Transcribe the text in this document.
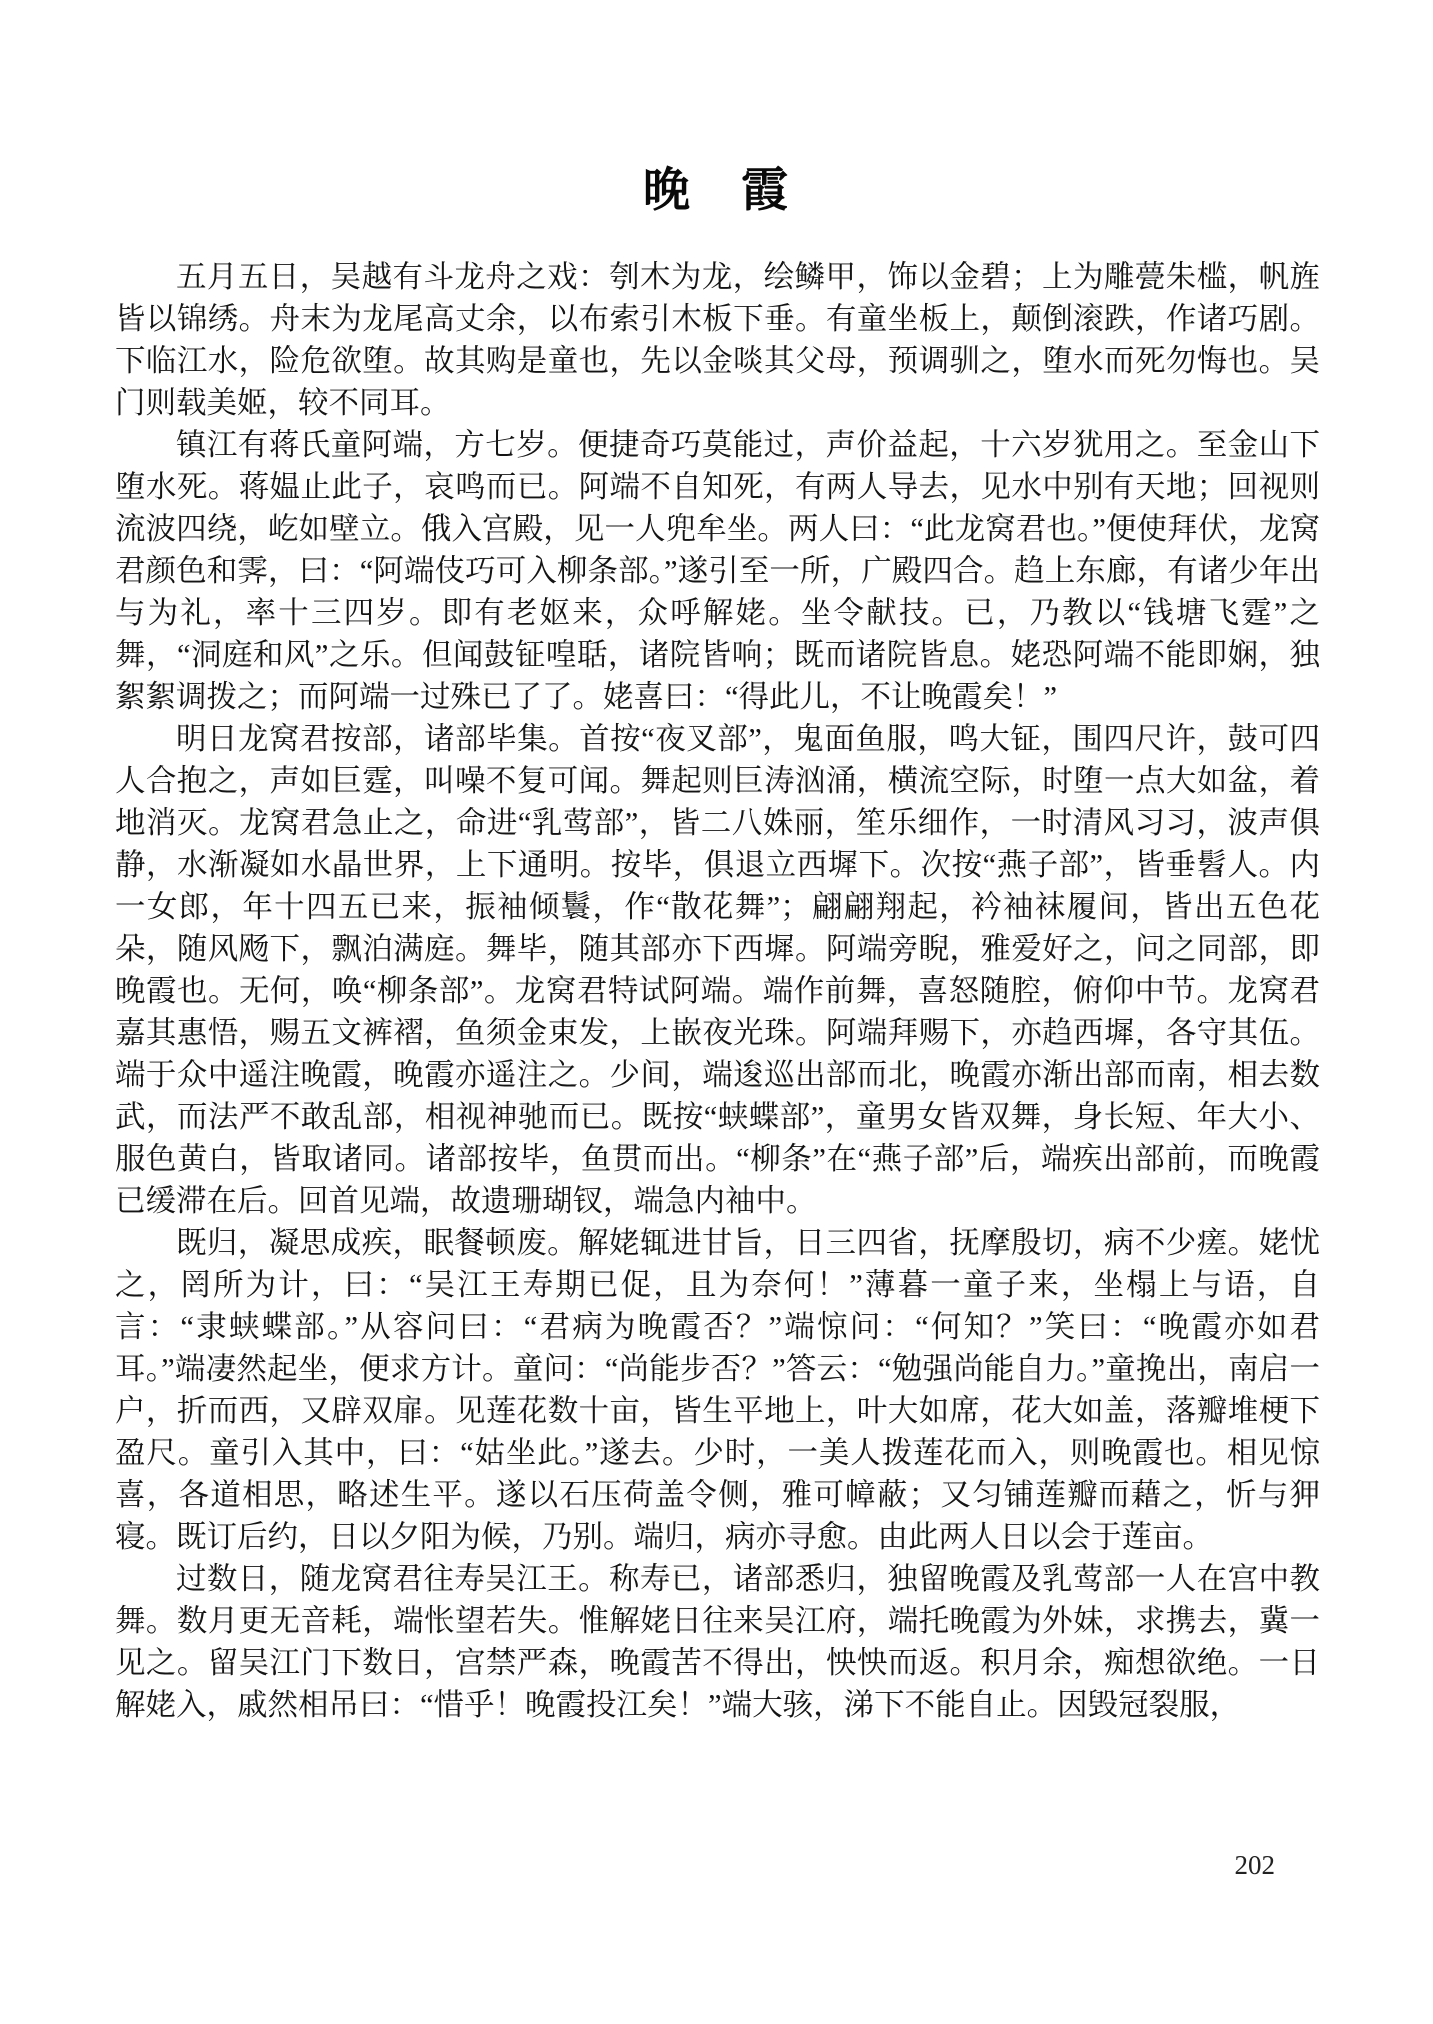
晚　霞

五月五日，吴越有斗龙舟之戏：刳木为龙，绘鳞甲，饰以金碧；上为雕甍朱槛，帆旌皆以锦绣。舟末为龙尾高丈余，以布索引木板下垂。有童坐板上，颠倒滚跌，作诸巧剧。下临江水，险危欲堕。故其购是童也，先以金啖其父母，预调驯之，堕水而死勿悔也。吴门则载美姬，较不同耳。

镇江有蒋氏童阿端，方七岁。便捷奇巧莫能过，声价益起，十六岁犹用之。至金山下堕水死。蒋媪止此子，哀鸣而已。阿端不自知死，有两人导去，见水中别有天地；回视则流波四绕，屹如壁立。俄入宫殿，见一人兜牟坐。两人曰：“此龙窝君也。”便使拜伏，龙窝君颜色和霁，曰：“阿端伎巧可入柳条部。”遂引至一所，广殿四合。趋上东廊，有诸少年出与为礼，率十三四岁。即有老妪来，众呼解姥。坐令献技。已，乃教以“钱塘飞霆”之舞，“洞庭和风”之乐。但闻鼓钲喤聒，诸院皆响；既而诸院皆息。姥恐阿端不能即娴，独絮絮调拨之；而阿端一过殊已了了。姥喜曰：“得此儿，不让晚霞矣！”

明日龙窝君按部，诸部毕集。首按“夜叉部”，鬼面鱼服，鸣大钲，围四尺许，鼓可四人合抱之，声如巨霆，叫噪不复可闻。舞起则巨涛汹涌，横流空际，时堕一点大如盆，着地消灭。龙窝君急止之，命进“乳莺部”，皆二八姝丽，笙乐细作，一时清风习习，波声俱静，水渐凝如水晶世界，上下通明。按毕，俱退立西墀下。次按“燕子部”，皆垂髫人。内一女郎，年十四五已来，振袖倾鬟，作“散花舞”；翩翩翔起，衿袖袜履间，皆出五色花朵，随风飏下，飘泊满庭。舞毕，随其部亦下西墀。阿端旁睨，雅爱好之，问之同部，即晚霞也。无何，唤“柳条部”。龙窝君特试阿端。端作前舞，喜怒随腔，俯仰中节。龙窝君嘉其惠悟，赐五文裤褶，鱼须金束发，上嵌夜光珠。阿端拜赐下，亦趋西墀，各守其伍。端于众中遥注晚霞，晚霞亦遥注之。少间，端逡巡出部而北，晚霞亦渐出部而南，相去数武，而法严不敢乱部，相视神驰而已。既按“蛱蝶部”，童男女皆双舞，身长短、年大小、服色黄白，皆取诸同。诸部按毕，鱼贯而出。“柳条”在“燕子部”后，端疾出部前，而晚霞已缓滞在后。回首见端，故遗珊瑚钗，端急内袖中。

既归，凝思成疾，眠餐顿废。解姥辄进甘旨，日三四省，抚摩殷切，病不少瘥。姥忧之，罔所为计，曰：“吴江王寿期已促，且为奈何！”薄暮一童子来，坐榻上与语，自言：“隶蛱蝶部。”从容问曰：“君病为晚霞否？”端惊问：“何知？”笑曰：“晚霞亦如君耳。”端凄然起坐，便求方计。童问：“尚能步否？”答云：“勉强尚能自力。”童挽出，南启一户，折而西，又辟双扉。见莲花数十亩，皆生平地上，叶大如席，花大如盖，落瓣堆梗下盈尺。童引入其中，曰：“姑坐此。”遂去。少时，一美人拨莲花而入，则晚霞也。相见惊喜，各道相思，略述生平。遂以石压荷盖令侧，雅可幛蔽；又匀铺莲瓣而藉之，忻与狎寝。既订后约，日以夕阳为候，乃别。端归，病亦寻愈。由此两人日以会于莲亩。

过数日，随龙窝君往寿吴江王。称寿已，诸部悉归，独留晚霞及乳莺部一人在宫中教舞。数月更无音耗，端怅望若失。惟解姥日往来吴江府，端托晚霞为外妹，求携去，冀一见之。留吴江门下数日，宫禁严森，晚霞苦不得出，怏怏而返。积月余，痴想欲绝。一日解姥入，戚然相吊曰：“惜乎！晚霞投江矣！”端大骇，涕下不能自止。因毁冠裂服，

202
